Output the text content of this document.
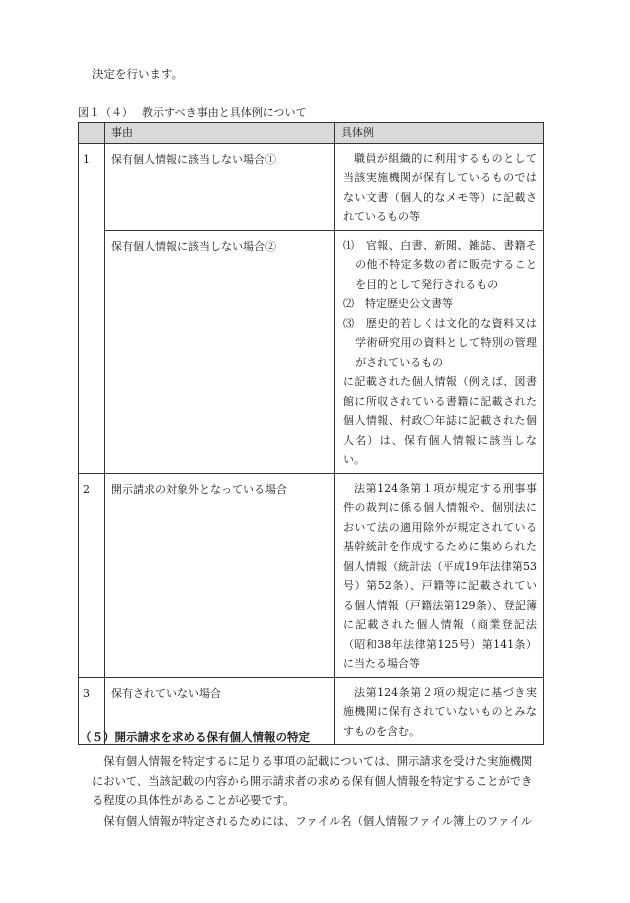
決定を行います。
図１（４）　 教示すべき事由と具体例について
	事由	具体例
1	保有個人情報に該当しない場合①	職員が組織的に利用するものとして当該実施機関が保有しているものではない文書（個人的なメモ等）に記載されているもの等

	保有個人情報に該当しない場合②	⑴　官報、白書、新聞、雑誌、書籍その他不特定多数の者に販売することを目的として発行されるもの
⑵　特定歴史公文書等
⑶　歴史的若しくは文化的な資料又は学術研究用の資料として特別の管理がされているもの
に記載された個人情報（例えば、図書館に所収されている書籍に記載された個人情報、村政〇年誌に記載された個人名）は、保有個人情報に該当しない。

2	開示請求の対象外となっている場合	法第124条第１項が規定する刑事事件の裁判に係る個人情報や、個別法において法の適用除外が規定されている基幹統計を作成するために集められた個人情報（統計法（平成19年法律第53号）第52条）、戸籍等に記載されている個人情報（戸籍法第129条）、登記簿に記載された個人情報（商業登記法（昭和38年法律第125号）第141条）に当たる場合等

3	保有されていない場合	法第124条第２項の規定に基づき実施機関に保有されていないものとみなすものを含む。
（５）開示請求を求める保有個人情報の特定
保有個人情報を特定するに足りる事項の記載については、開示請求を受けた実施機関
において、当該記載の内容から開示請求者の求める保有個人情報を特定することができ
る程度の具体性があることが必要です。
保有個人情報が特定されるためには、ファイル名（個人情報ファイル簿上のファイル
